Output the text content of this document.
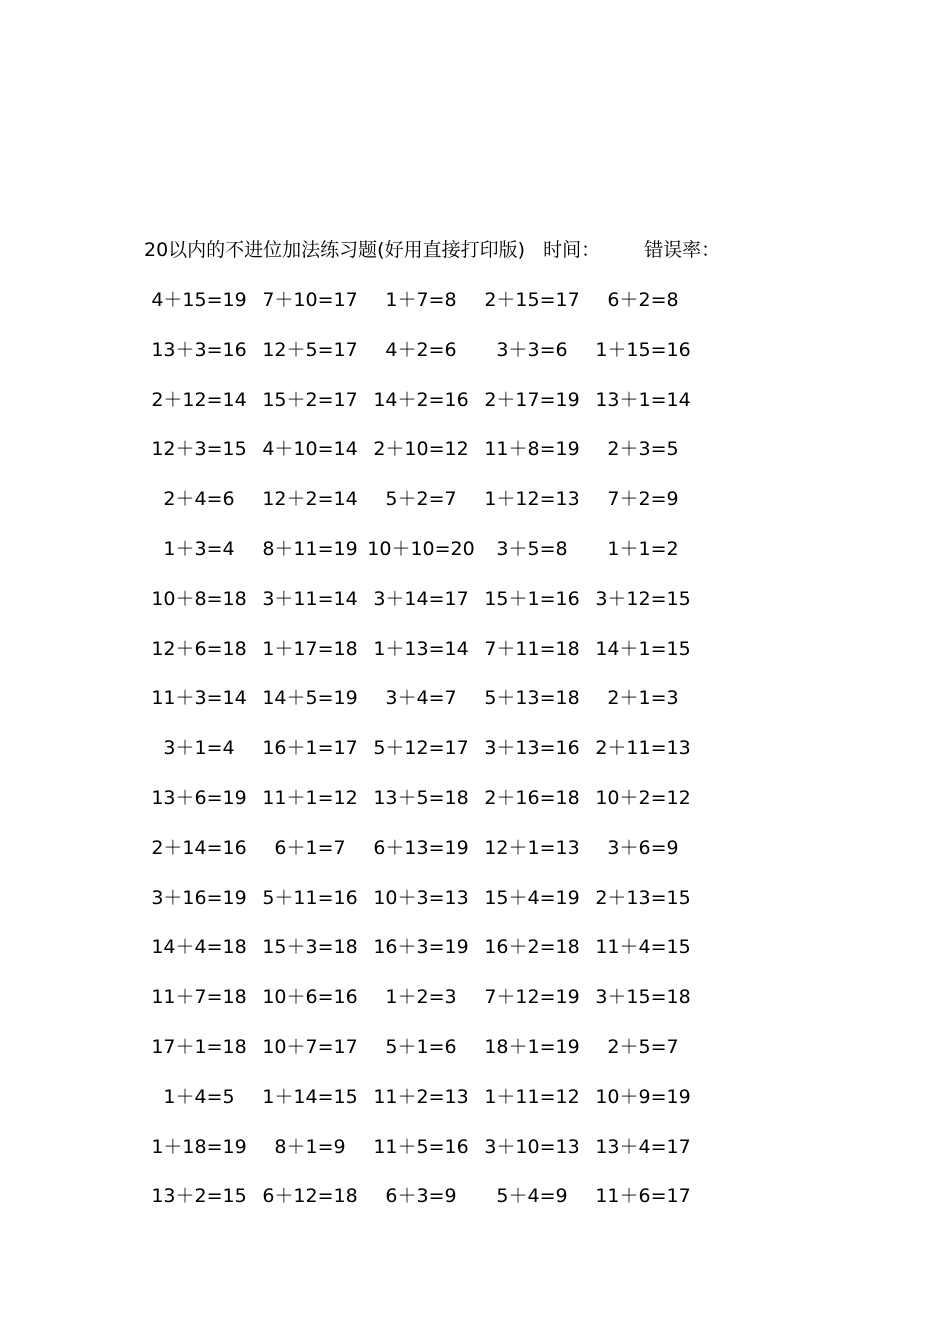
20以内的不进位加法练习题(好用直接打印版) 时间： 错误率：
4＋15=19 7＋10=17	1＋7=8	2＋15=17	6＋2=8
13＋3=16 12＋5=17	4＋2=6	3＋3=6	1＋15=16
2＋12=14 15＋2=17 14＋2=16 2＋17=19 13＋1=14
12＋3=15 4＋10=14 2＋10=12 11＋8=19	2＋3=5
2＋4=6	12＋2=14	5＋2=7	1＋12=13	7＋2=9
1＋3=4	8＋11=19 10＋10=20	3＋5=8	1＋1=2
10＋8=18 3＋11=14 3＋14=17 15＋1=16 3＋12=15
12＋6=18 1＋17=18 1＋13=14 7＋11=18 14＋1=15
11＋3=14 14＋5=19	3＋4=7	5＋13=18	2＋1=3
3＋1=4	16＋1=17 5＋12=17 3＋13=16 2＋11=13
13＋6=19 11＋1=12 13＋5=18 2＋16=18 10＋2=12
2＋14=16	6＋1=7	6＋13=19 12＋1=13	3＋6=9
3＋16=19 5＋11=16 10＋3=13 15＋4=19 2＋13=15
14＋4=18 15＋3=18 16＋3=19 16＋2=18 11＋4=15
11＋7=18 10＋6=16	1＋2=3	7＋12=19 3＋15=18
17＋1=18 10＋7=17	5＋1=6	18＋1=19	2＋5=7
1＋4=5	1＋14=15 11＋2=13 1＋11=12 10＋9=19
1＋18=19	8＋1=9	11＋5=16 3＋10=13 13＋4=17
13＋2=15 6＋12=18	6＋3=9	5＋4=9	11＋6=17
